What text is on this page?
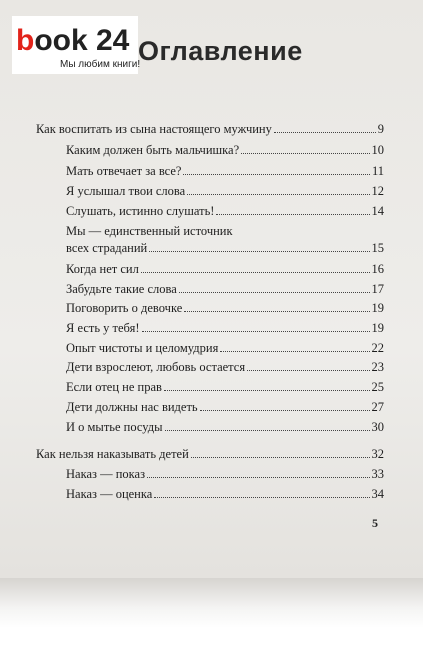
book 24
Мы любим книги!
Оглавление
Как воспитать из сына настоящего мужчину	9
Каким должен быть мальчишка?	10
Мать отвечает за все?	11
Я услышал твои слова	12
Слушать, истинно слушать!	14
Мы — единственный источник
всех страданий	15
Когда нет сил	16
Забудьте такие слова	17
Поговорить о девочке	19
Я есть у тебя!	19
Опыт чистоты и целомудрия	22
Дети взрослеют, любовь остается	23
Если отец не прав	25
Дети должны нас видеть	27
И о мытье посуды	30
Как нельзя наказывать детей	32
Наказ — показ	33
Наказ — оценка	34
5
